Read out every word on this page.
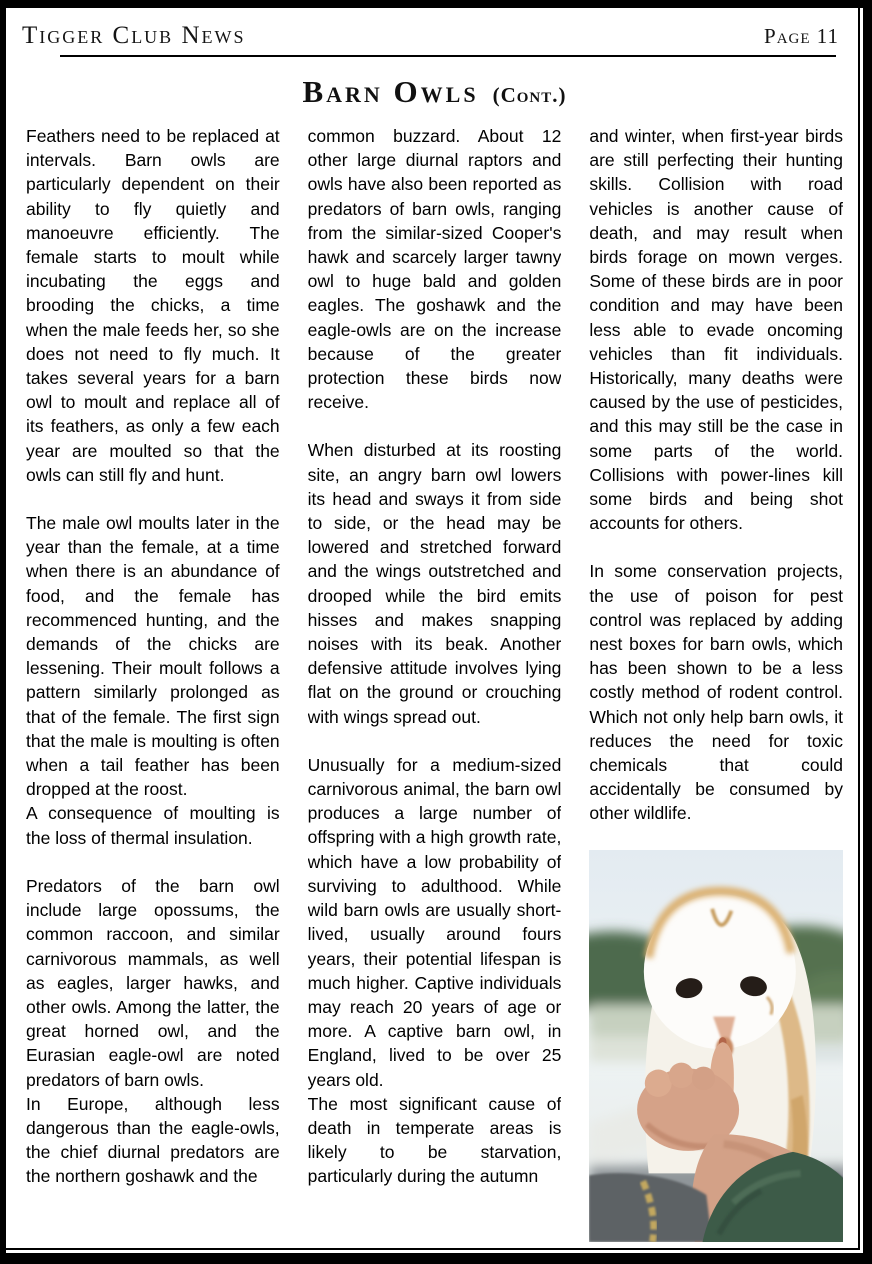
Tigger Club News	Page 11
Barn Owls (Cont.)

Feathers need to be replaced at intervals. Barn owls are particularly dependent on their ability to fly quietly and manoeuvre efficiently. The female starts to moult while incubating the eggs and brooding the chicks, a time when the male feeds her, so she does not need to fly much. It takes several years for a barn owl to moult and replace all of its feathers, as only a few each year are moulted so that the owls can still fly and hunt.

The male owl moults later in the year than the female, at a time when there is an abundance of food, and the female has recommenced hunting, and the demands of the chicks are lessening. Their moult follows a pattern similarly prolonged as that of the female. The first sign that the male is moulting is often when a tail feather has been dropped at the roost.

A consequence of moulting is the loss of thermal insulation.

Predators of the barn owl include large opossums, the common raccoon, and similar carnivorous mammals, as well as eagles, larger hawks, and other owls. Among the latter, the great horned owl, and the Eurasian eagle-owl are noted predators of barn owls.

In Europe, although less dangerous than the eagle-owls, the chief diurnal predators are the northern goshawk and the

common buzzard. About 12 other large diurnal raptors and owls have also been reported as predators of barn owls, ranging from the similar-sized Cooper's hawk and scarcely larger tawny owl to huge bald and golden eagles. The goshawk and the eagle-owls are on the increase because of the greater protection these birds now receive.

When disturbed at its roosting site, an angry barn owl lowers its head and sways it from side to side, or the head may be lowered and stretched forward and the wings outstretched and drooped while the bird emits hisses and makes snapping noises with its beak. Another defensive attitude involves lying flat on the ground or crouching with wings spread out.

Unusually for a medium-sized carnivorous animal, the barn owl produces a large number of offspring with a high growth rate, which have a low probability of surviving to adulthood. While wild barn owls are usually short-lived, usually around fours years, their potential lifespan is much higher. Captive individuals may reach 20 years of age or more. A captive barn owl, in England, lived to be over 25 years old.

The most significant cause of death in temperate areas is likely to be starvation, particularly during the autumn

and winter, when first-year birds are still perfecting their hunting skills. Collision with road vehicles is another cause of death, and may result when birds forage on mown verges. Some of these birds are in poor condition and may have been less able to evade oncoming vehicles than fit individuals. Historically, many deaths were caused by the use of pesticides, and this may still be the case in some parts of the world. Collisions with power-lines kill some birds and being shot accounts for others.

In some conservation projects, the use of poison for pest control was replaced by adding nest boxes for barn owls, which has been shown to be a less costly method of rodent control. Which not only help barn owls, it reduces the need for toxic chemicals that could accidentally be consumed by other wildlife.
